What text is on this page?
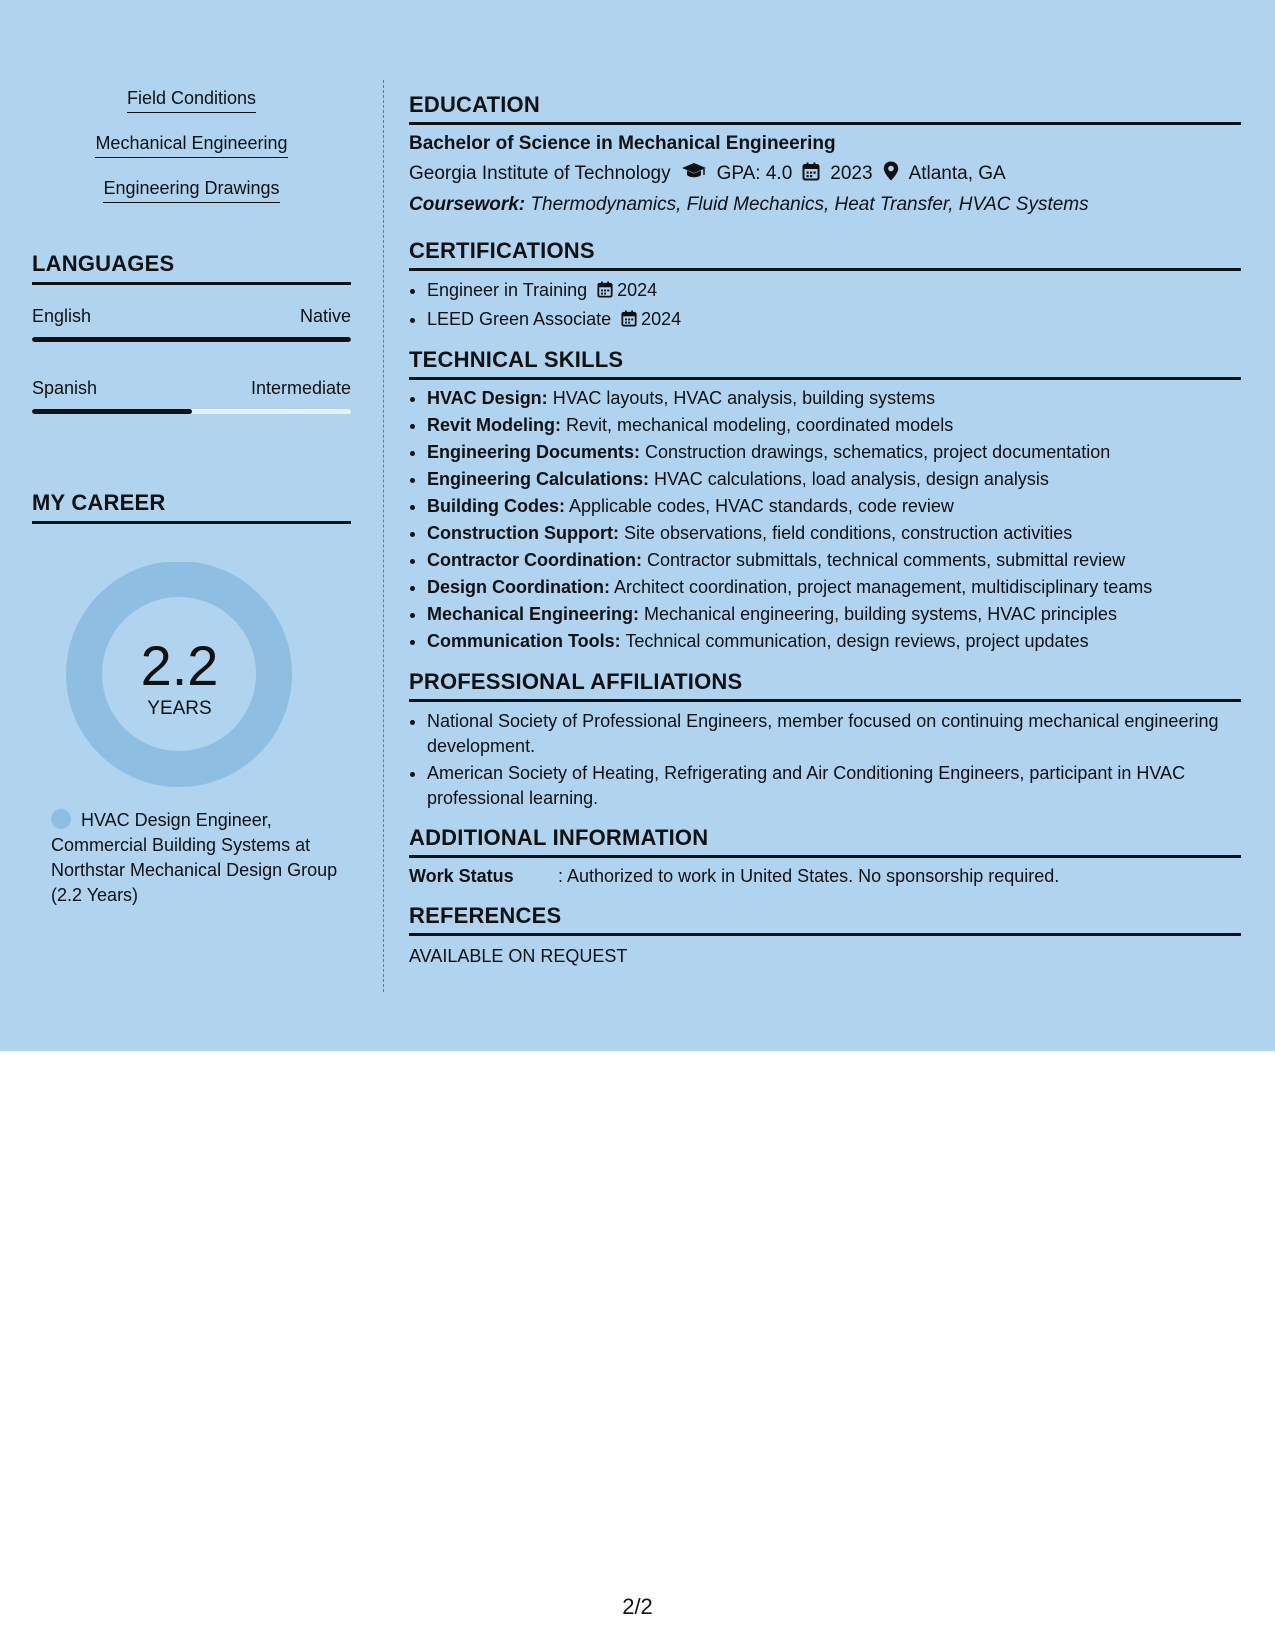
Field Conditions
Mechanical Engineering
Engineering Drawings
LANGUAGES
English	Native
Spanish	Intermediate
MY CAREER
2.2
YEARS
HVAC Design Engineer, Commercial Building Systems at Northstar Mechanical Design Group (2.2 Years)
EDUCATION
Bachelor of Science in Mechanical Engineering
Georgia Institute of Technology GPA: 4.0 2023 Atlanta, GA
Coursework: Thermodynamics, Fluid Mechanics, Heat Transfer, HVAC Systems
CERTIFICATIONS
• Engineer in Training 2024
• LEED Green Associate 2024
TECHNICAL SKILLS
• HVAC Design: HVAC layouts, HVAC analysis, building systems
• Revit Modeling: Revit, mechanical modeling, coordinated models
• Engineering Documents: Construction drawings, schematics, project documentation
• Engineering Calculations: HVAC calculations, load analysis, design analysis
• Building Codes: Applicable codes, HVAC standards, code review
• Construction Support: Site observations, field conditions, construction activities
• Contractor Coordination: Contractor submittals, technical comments, submittal review
• Design Coordination: Architect coordination, project management, multidisciplinary teams
• Mechanical Engineering: Mechanical engineering, building systems, HVAC principles
• Communication Tools: Technical communication, design reviews, project updates
PROFESSIONAL AFFILIATIONS
• National Society of Professional Engineers, member focused on continuing mechanical engineering development.
• American Society of Heating, Refrigerating and Air Conditioning Engineers, participant in HVAC professional learning.
ADDITIONAL INFORMATION
Work Status	: Authorized to work in United States. No sponsorship required.
REFERENCES
AVAILABLE ON REQUEST
2/2
